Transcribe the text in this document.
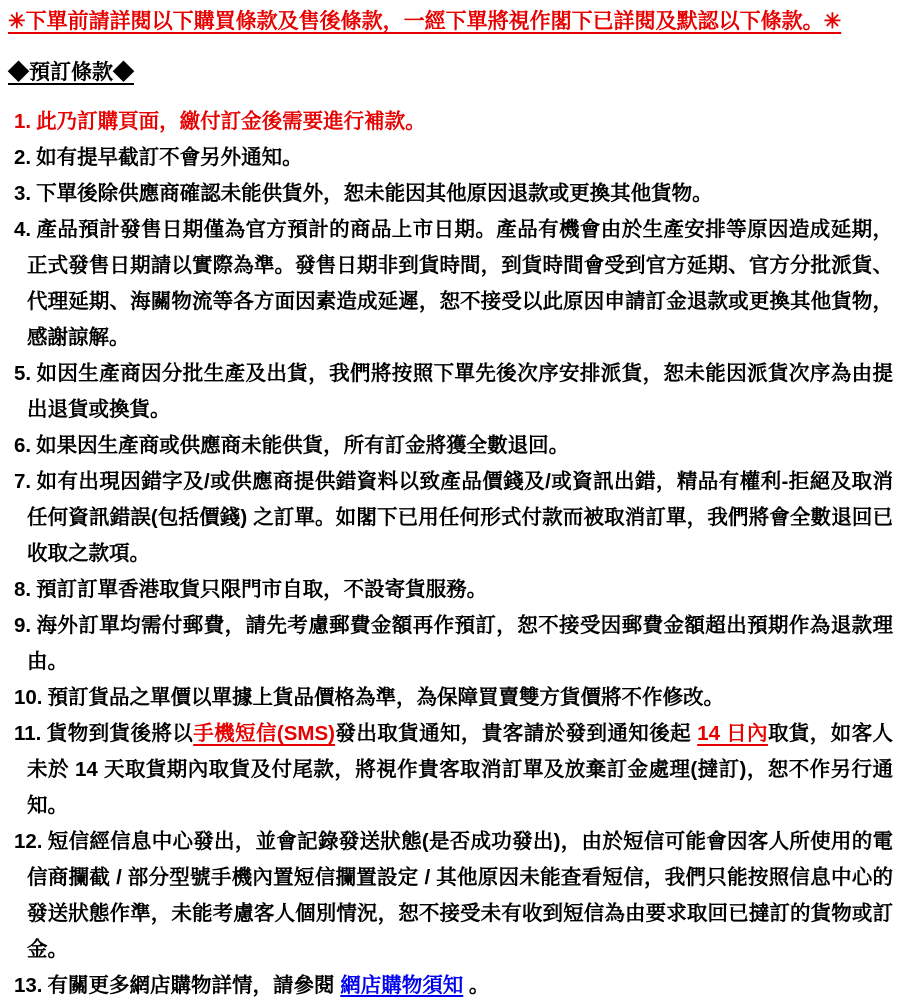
✳下單前請詳閱以下購買條款及售後條款，一經下單將視作閣下已詳閱及默認以下條款。✳
◆預訂條款◆
1. 此乃訂購頁面，繳付訂金後需要進行補款。
2. 如有提早截訂不會另外通知。
3. 下單後除供應商確認未能供貨外，恕未能因其他原因退款或更換其他貨物。
4. 產品預計發售日期僅為官方預計的商品上市日期。產品有機會由於生產安排等原因造成延期，正式發售日期請以實際為準。發售日期非到貨時間，到貨時間會受到官方延期、官方分批派貨、代理延期、海關物流等各方面因素造成延遲，恕不接受以此原因申請訂金退款或更換其他貨物，感謝諒解。
5. 如因生產商因分批生產及出貨，我們將按照下單先後次序安排派貨，恕未能因派貨次序為由提出退貨或換貨。
6. 如果因生產商或供應商未能供貨，所有訂金將獲全數退回。
7. 如有出現因錯字及/或供應商提供錯資料以致產品價錢及/或資訊出錯，精品有權利-拒絕及取消任何資訊錯誤(包括價錢) 之訂單。如閣下已用任何形式付款而被取消訂單，我們將會全數退回已收取之款項。
8. 預訂訂單香港取貨只限門市自取，不設寄貨服務。
9. 海外訂單均需付郵費，請先考慮郵費金額再作預訂，恕不接受因郵費金額超出預期作為退款理由。
10. 預訂貨品之單價以單據上貨品價格為準，為保障買賣雙方貨價將不作修改。
11. 貨物到貨後將以手機短信(SMS)發出取貨通知，貴客請於發到通知後起 14 日內取貨，如客人未於 14 天取貨期內取貨及付尾款，將視作貴客取消訂單及放棄訂金處理(撻訂)，恕不作另行通知。
12. 短信經信息中心發出，並會記錄發送狀態(是否成功發出)，由於短信可能會因客人所使用的電信商攔截 / 部分型號手機內置短信攔置設定 / 其他原因未能查看短信，我們只能按照信息中心的發送狀態作準，未能考慮客人個別情況，恕不接受未有收到短信為由要求取回已撻訂的貨物或訂金。
13. 有關更多網店購物詳情，請參閱 網店購物須知 。
